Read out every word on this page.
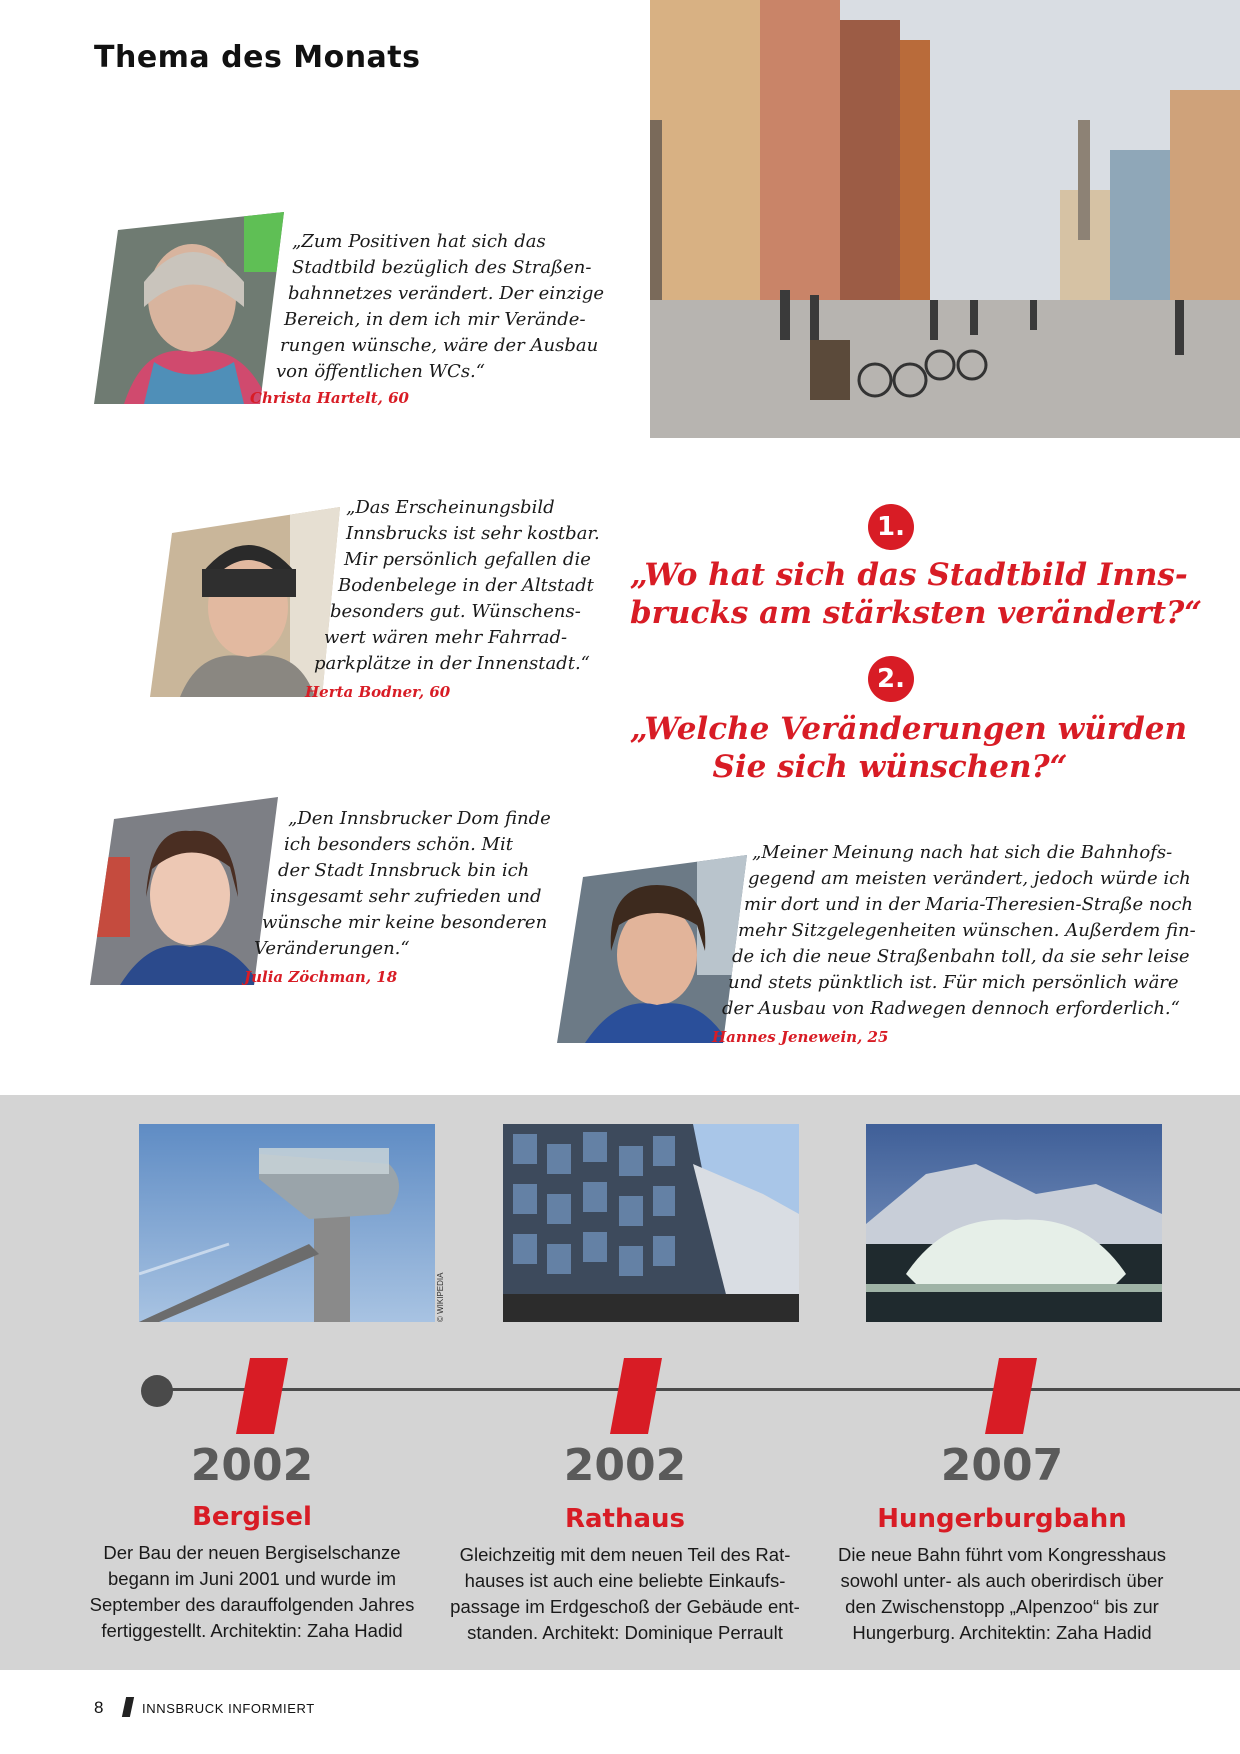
Thema des Monats
„Zum Positiven hat sich das
Stadtbild bezüglich des Straßen-
bahnnetzes verändert. Der einzige
Bereich, in dem ich mir Verände-
rungen wünsche, wäre der Ausbau
von öffentlichen WCs.“
Christa Hartelt, 60
„Das Erscheinungsbild
Innsbrucks ist sehr kostbar.
Mir persönlich gefallen die
Bodenbelege in der Altstadt
besonders gut. Wünschens-
wert wären mehr Fahrrad-
parkplätze in der Innenstadt.“
Herta Bodner, 60
1.
„Wo hat sich das Stadtbild Inns-
brucks am stärksten verändert?“
2.
„Welche Veränderungen würden
Sie sich wünschen?“
„Den Innsbrucker Dom finde
ich besonders schön. Mit
der Stadt Innsbruck bin ich
insgesamt sehr zufrieden und
wünsche mir keine besonderen
Veränderungen.“
Julia Zöchman, 18
„Meiner Meinung nach hat sich die Bahnhofs-
gegend am meisten verändert, jedoch würde ich
mir dort und in der Maria-Theresien-Straße noch
mehr Sitzgelegenheiten wünschen. Außerdem fin-
de ich die neue Straßenbahn toll, da sie sehr leise
und stets pünktlich ist. Für mich persönlich wäre
der Ausbau von Radwegen dennoch erforderlich.“
Hannes Jenewein, 25
© WIKIPEDIA
2002
Bergisel
Der Bau der neuen Bergiselschanze
begann im Juni 2001 und wurde im
September des darauffolgenden Jahres
fertiggestellt. Architektin: Zaha Hadid
2002
Rathaus
Gleichzeitig mit dem neuen Teil des Rat-
hauses ist auch eine beliebte Einkaufs-
passage im Erdgeschoß der Gebäude ent-
standen. Architekt: Dominique Perrault
2007
Hungerburgbahn
Die neue Bahn führt vom Kongresshaus
sowohl unter- als auch oberirdisch über
den Zwischenstopp „Alpenzoo“ bis zur
Hungerburg. Architektin: Zaha Hadid
8	INNSBRUCK INFORMIERT
